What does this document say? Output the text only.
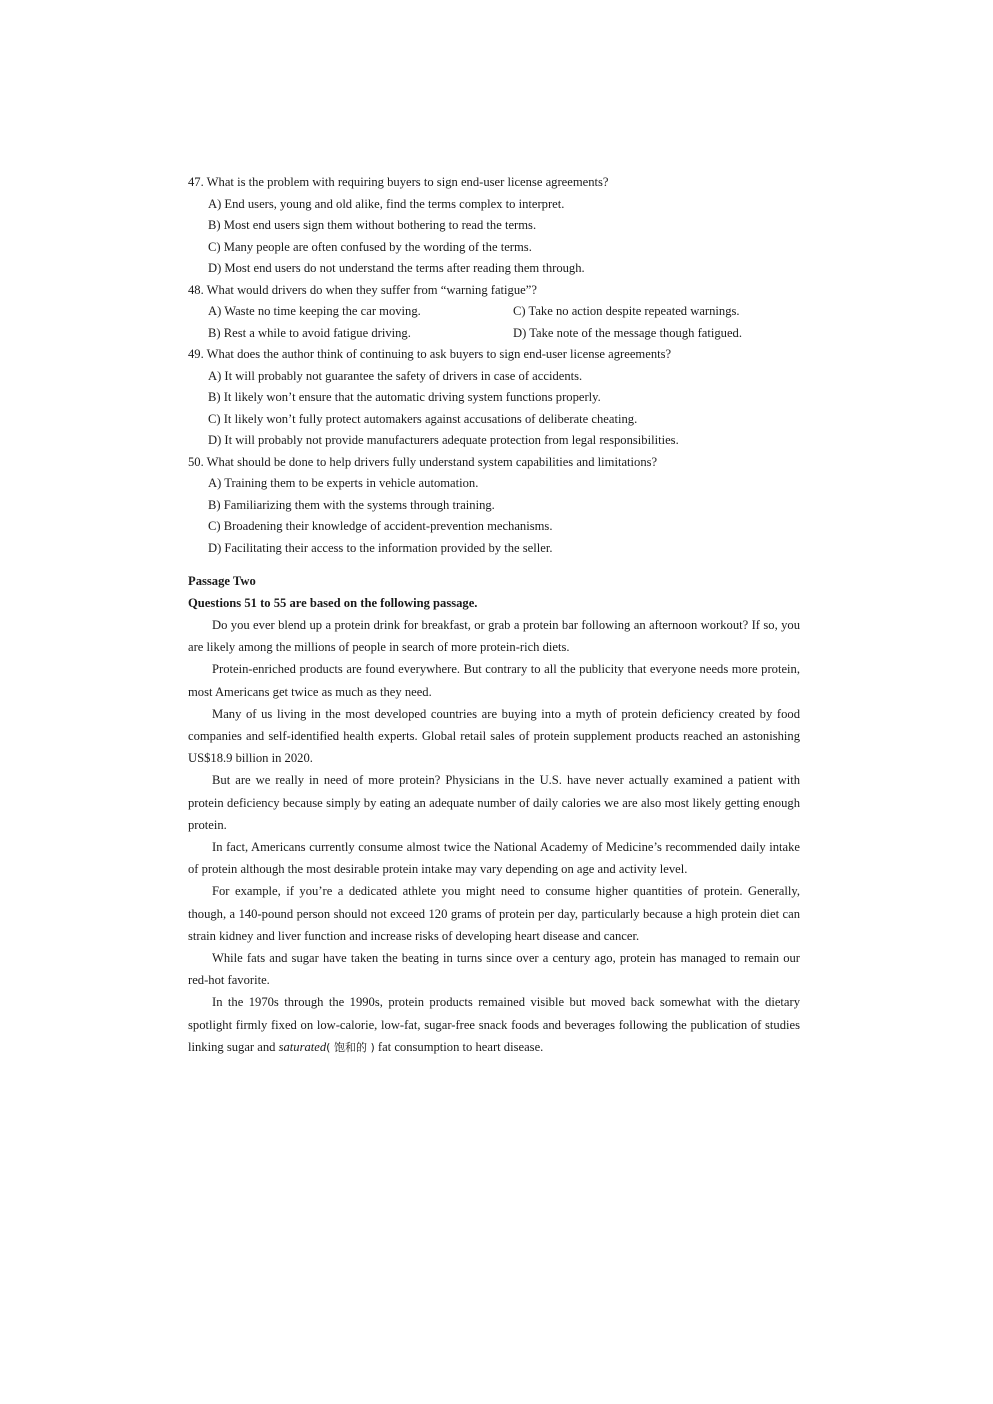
47. What is the problem with requiring buyers to sign end-user license agreements?
A) End users, young and old alike, find the terms complex to interpret.
B) Most end users sign them without bothering to read the terms.
C) Many people are often confused by the wording of the terms.
D) Most end users do not understand the terms after reading them through.
48. What would drivers do when they suffer from “warning fatigue”?
A) Waste no time keeping the car moving.	C) Take no action despite repeated warnings.
B) Rest a while to avoid fatigue driving.	D) Take note of the message though fatigued.
49. What does the author think of continuing to ask buyers to sign end-user license agreements?
A) It will probably not guarantee the safety of drivers in case of accidents.
B) It likely won’t ensure that the automatic driving system functions properly.
C) It likely won’t fully protect automakers against accusations of deliberate cheating.
D) It will probably not provide manufacturers adequate protection from legal responsibilities.
50. What should be done to help drivers fully understand system capabilities and limitations?
A) Training them to be experts in vehicle automation.
B) Familiarizing them with the systems through training.
C) Broadening their knowledge of accident-prevention mechanisms.
D) Facilitating their access to the information provided by the seller.
Passage Two
Questions 51 to 55 are based on the following passage.

Do you ever blend up a protein drink for breakfast, or grab a protein bar following an afternoon workout? If so, you are likely among the millions of people in search of more protein-rich diets.

Protein-enriched products are found everywhere. But contrary to all the publicity that everyone needs more protein, most Americans get twice as much as they need.

Many of us living in the most developed countries are buying into a myth of protein deficiency created by food companies and self-identified health experts. Global retail sales of protein supplement products reached an astonishing US$18.9 billion in 2020.

But are we really in need of more protein? Physicians in the U.S. have never actually examined a patient with protein deficiency because simply by eating an adequate number of daily calories we are also most likely getting enough protein.

In fact, Americans currently consume almost twice the National Academy of Medicine’s recommended daily intake of protein although the most desirable protein intake may vary depending on age and activity level.

For example, if you’re a dedicated athlete you might need to consume higher quantities of protein. Generally, though, a 140-pound person should not exceed 120 grams of protein per day, particularly because a high protein diet can strain kidney and liver function and increase risks of developing heart disease and cancer.

While fats and sugar have taken the beating in turns since over a century ago, protein has managed to remain our red-hot favorite.

In the 1970s through the 1990s, protein products remained visible but moved back somewhat with the dietary spotlight firmly fixed on low-calorie, low-fat, sugar-free snack foods and beverages following the publication of studies linking sugar and saturated( 饱和的 ) fat consumption to heart disease.
